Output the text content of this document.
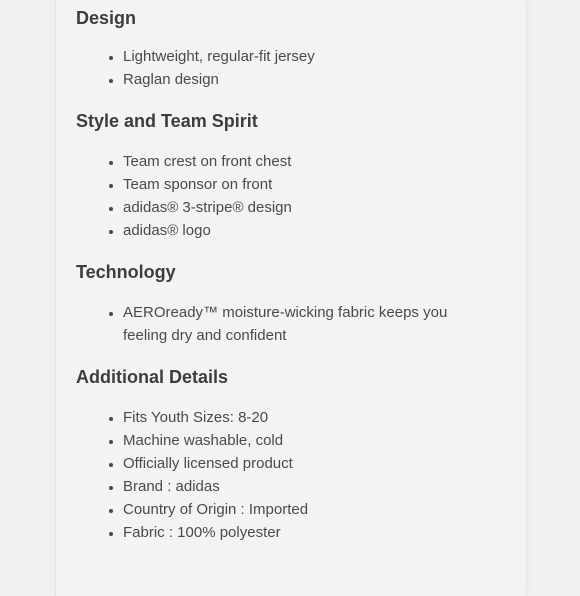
Design
• Lightweight, regular-fit jersey
• Raglan design
Style and Team Spirit
• Team crest on front chest
• Team sponsor on front
• adidas® 3-stripe® design
• adidas® logo
Technology
• AEROready™ moisture-wicking fabric keeps you feeling dry and confident
Additional Details
• Fits Youth Sizes: 8-20
• Machine washable, cold
• Officially licensed product
• Brand : adidas
• Country of Origin : Imported
• Fabric : 100% polyester
